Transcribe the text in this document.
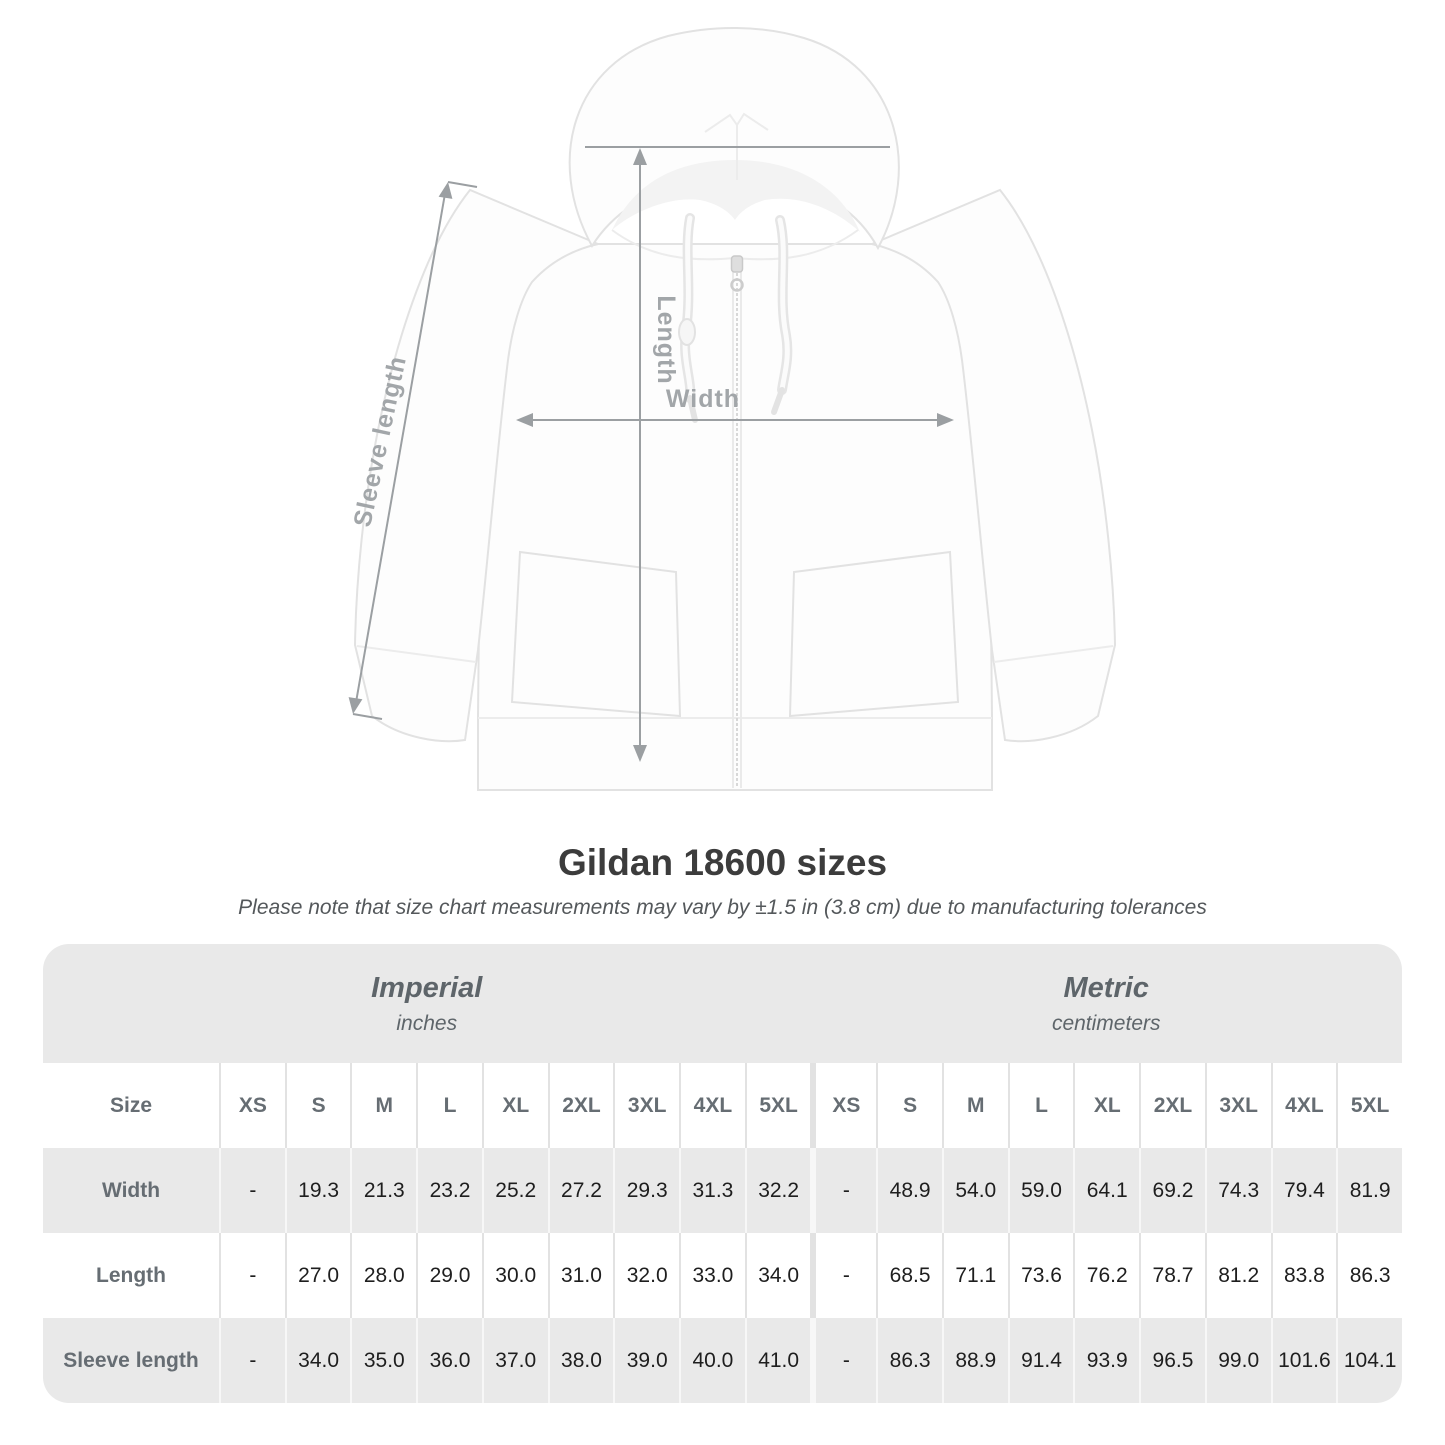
Length
Width
Sleeve length
Gildan 18600 sizes

Please note that size chart measurements may vary by ±1.5 in (3.8 cm) due to manufacturing tolerances

Imperial
inches
Metric
centimeters
Size	XS	S	M	L	XL	2XL	3XL	4XL	5XL	XS	S	M	L	XL	2XL	3XL	4XL	5XL
Width	-	19.3	21.3	23.2	25.2	27.2	29.3	31.3	32.2	-	48.9	54.0	59.0	64.1	69.2	74.3	79.4	81.9
Length	-	27.0	28.0	29.0	30.0	31.0	32.0	33.0	34.0	-	68.5	71.1	73.6	76.2	78.7	81.2	83.8	86.3
Sleeve length	-	34.0	35.0	36.0	37.0	38.0	39.0	40.0	41.0	-	86.3	88.9	91.4	93.9	96.5	99.0 101.6 104.1
